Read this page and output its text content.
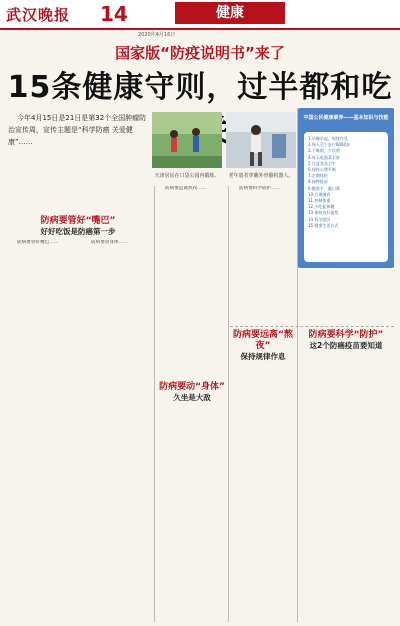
武汉晚报 14	健康
2020年4月16日
国家版“防疫说明书”来了
15条健康守则，过半都和吃

今年4月15日是21日是第32个全国肿瘤防治宣传周，宣传主题是“科学防癌 关爱健康”……

天津居民在口袋公园内锻炼。	老年患者穿戴外骨骼机器人。
中国公民健康素养——基本知识与技能
1.早睡早起，规律作息
2.每天至少步行6000步
3.不吸烟，少饮酒
4.每天吃蔬菜水果
5.注意食品卫生
6.保持心理平衡
7.定期体检
8.接种疫苗
9.勤洗手，戴口罩
10.合理膳食
11.控制体重
12.少吃盐和糖
13.保持良好姿势
14.科学就医
15.健康生活方式
防病要管好“嘴巴”
好好吃饭是防癌第一步

防病要管好嘴巴……	防病要动身体……

防病要动“身体”
久坐是大敌

防病要远离熬夜……

防病要远离“熬夜”
保持规律作息

防病要科学防护……

防病要科学“防护”
这2个防癌疫苗要知道
